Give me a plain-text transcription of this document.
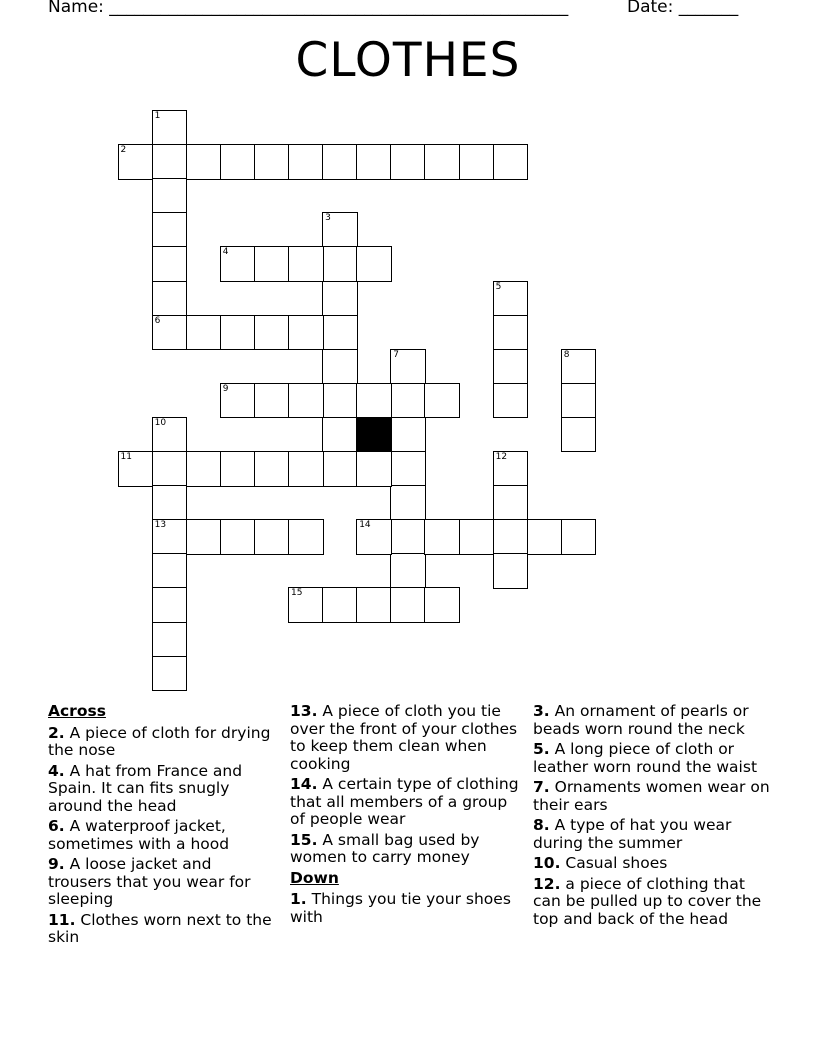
Name: ______________________________________________________	Date: _______
CLOTHES
1
2
3
4
5
6
7	8
9
10
13
11	12
14
15
Across
2. A piece of cloth for drying the nose
4. A hat from France and Spain. It can fits snugly around the head
6. A waterproof jacket, sometimes with a hood
9. A loose jacket and trousers that you wear for sleeping
11. Clothes worn next to the skin
13. A piece of cloth you tie over the front of your clothes to keep them clean when cooking
14. A certain type of clothing that all members of a group of people wear
15. A small bag used by women to carry money
Down
1. Things you tie your shoes with
3. An ornament of pearls or beads worn round the neck
5. A long piece of cloth or leather worn round the waist
7. Ornaments women wear on their ears
8. A type of hat you wear during the summer
10. Casual shoes
12. a piece of clothing that can be pulled up to cover the top and back of the head
